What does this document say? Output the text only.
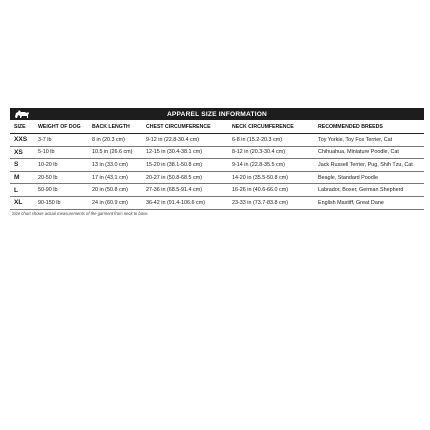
APPAREL SIZE INFORMATION
SIZE	WEIGHT OF DOG	BACK LENGTH	CHEST CIRCUMFERENCE	NECK CIRCUMFERENCE	RECOMMENDED BREEDS
XXS	3-7 lb	8 in (20.3 cm)	9-12 in (22.8-30.4 cm)	6-8 in (15.2-20.3 cm)	Toy Yorkie, Toy Fox Terrier, Cat
XS	5-10 lb	10.5 in (26.6 cm)	12-15 in (30.4-38.1 cm)	8-12 in (20.3-30.4 cm)	Chihuahua, Miniature Poodle, Cat
S	10-20 lb	13 in (33.0 cm)	15-20 in (38.1-50.8 cm)	9-14 in (22.8-35.5 cm)	Jack Russell Terrier, Pug, Shih Tzu, Cat
M	20-50 lb	17 in (43.1 cm)	20-27 in (50.8-68.5 cm)	14-20 in (35.5-50.8 cm)	Beagle, Standard Poodle
L	50-90 lb	20 in (50.8 cm)	27-36 in (68.5-91.4 cm)	16-26 in (40.6-66.0 cm)	Labrador, Boxer, German Shepherd
XL	90-150 lb	24 in (60.9 cm)	36-42 in (91.4-106.6 cm)	23-33 in (73.7-83.8 cm)	English Mastiff, Great Dane
Size chart shows actual measurements of the garment from neck to base.
